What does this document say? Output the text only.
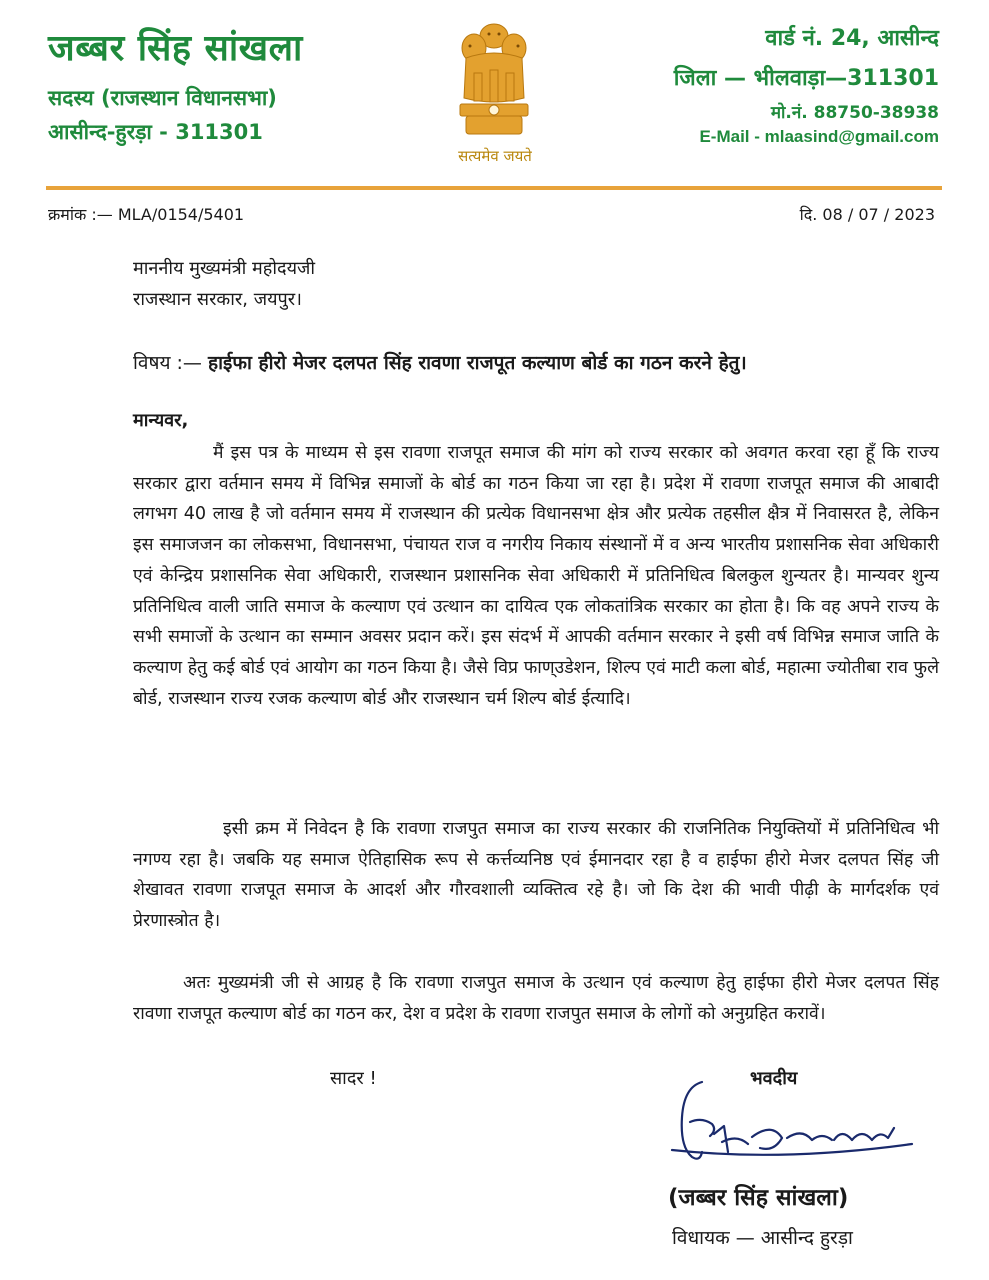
जब्बर सिंह सांखला
सदस्य (राजस्थान विधानसभा)
आसीन्द-हुरड़ा - 311301
सत्यमेव जयते
वार्ड नं. 24, आसीन्द
जिला — भीलवाड़ा—311301
मो.नं. 88750-38938
E-Mail - mlaasind@gmail.com
क्रमांक :— MLA/0154/5401	दि. 08 / 07 / 2023
माननीय मुख्यमंत्री महोदयजी
राजस्थान सरकार, जयपुर।
विषय :— हाईफा हीरो मेजर दलपत सिंह रावणा राजपूत कल्याण बोर्ड का गठन करने हेतु।
मान्यवर,

मैं इस पत्र के माध्यम से इस रावणा राजपूत समाज की मांग को राज्य सरकार को अवगत करवा रहा हूँ कि राज्य सरकार द्वारा वर्तमान समय में विभिन्न समाजों के बोर्ड का गठन किया जा रहा है। प्रदेश में रावणा राजपूत समाज की आबादी लगभग 40 लाख है जो वर्तमान समय में राजस्थान की प्रत्येक विधानसभा क्षेत्र और प्रत्येक तहसील क्षैत्र में निवासरत है, लेकिन इस समाजजन का लोकसभा, विधानसभा, पंचायत राज व नगरीय निकाय संस्थानों में व अन्य भारतीय प्रशासनिक सेवा अधिकारी एवं केन्द्रिय प्रशासनिक सेवा अधिकारी, राजस्थान प्रशासनिक सेवा अधिकारी में प्रतिनिधित्व बिलकुल शुन्यतर है। मान्यवर शुन्य प्रतिनिधित्व वाली जाति समाज के कल्याण एवं उत्थान का दायित्व एक लोकतांत्रिक सरकार का होता है। कि वह अपने राज्य के सभी समाजों के उत्थान का सम्मान अवसर प्रदान करें। इस संदर्भ में आपकी वर्तमान सरकार ने इसी वर्ष विभिन्न समाज जाति के कल्याण हेतु कई बोर्ड एवं आयोग का गठन किया है। जैसे विप्र फाण्उडेशन, शिल्प एवं माटी कला बोर्ड, महात्मा ज्योतीबा राव फुले बोर्ड, राजस्थान राज्य रजक कल्याण बोर्ड और राजस्थान चर्म शिल्प बोर्ड ईत्यादि।

इसी क्रम में निवेदन है कि रावणा राजपुत समाज का राज्य सरकार की राजनितिक नियुक्तियों में प्रतिनिधित्व भी नगण्य रहा है। जबकि यह समाज ऐतिहासिक रूप से कर्त्तव्यनिष्ठ एवं ईमानदार रहा है व हाईफा हीरो मेजर दलपत सिंह जी शेखावत रावणा राजपूत समाज के आदर्श और गौरवशाली व्यक्तित्व रहे है। जो कि देश की भावी पीढ़ी के मार्गदर्शक एवं प्रेरणास्त्रोत है।

अतः मुख्यमंत्री जी से आग्रह है कि रावणा राजपुत समाज के उत्थान एवं कल्याण हेतु हाईफा हीरो मेजर दलपत सिंह रावणा राजपूत कल्याण बोर्ड का गठन कर, देश व प्रदेश के रावणा राजपुत समाज के लोगों को अनुग्रहित करावें।

सादर !	भवदीय
(जब्बर सिंह सांखला)
विधायक — आसीन्द हुरड़ा
